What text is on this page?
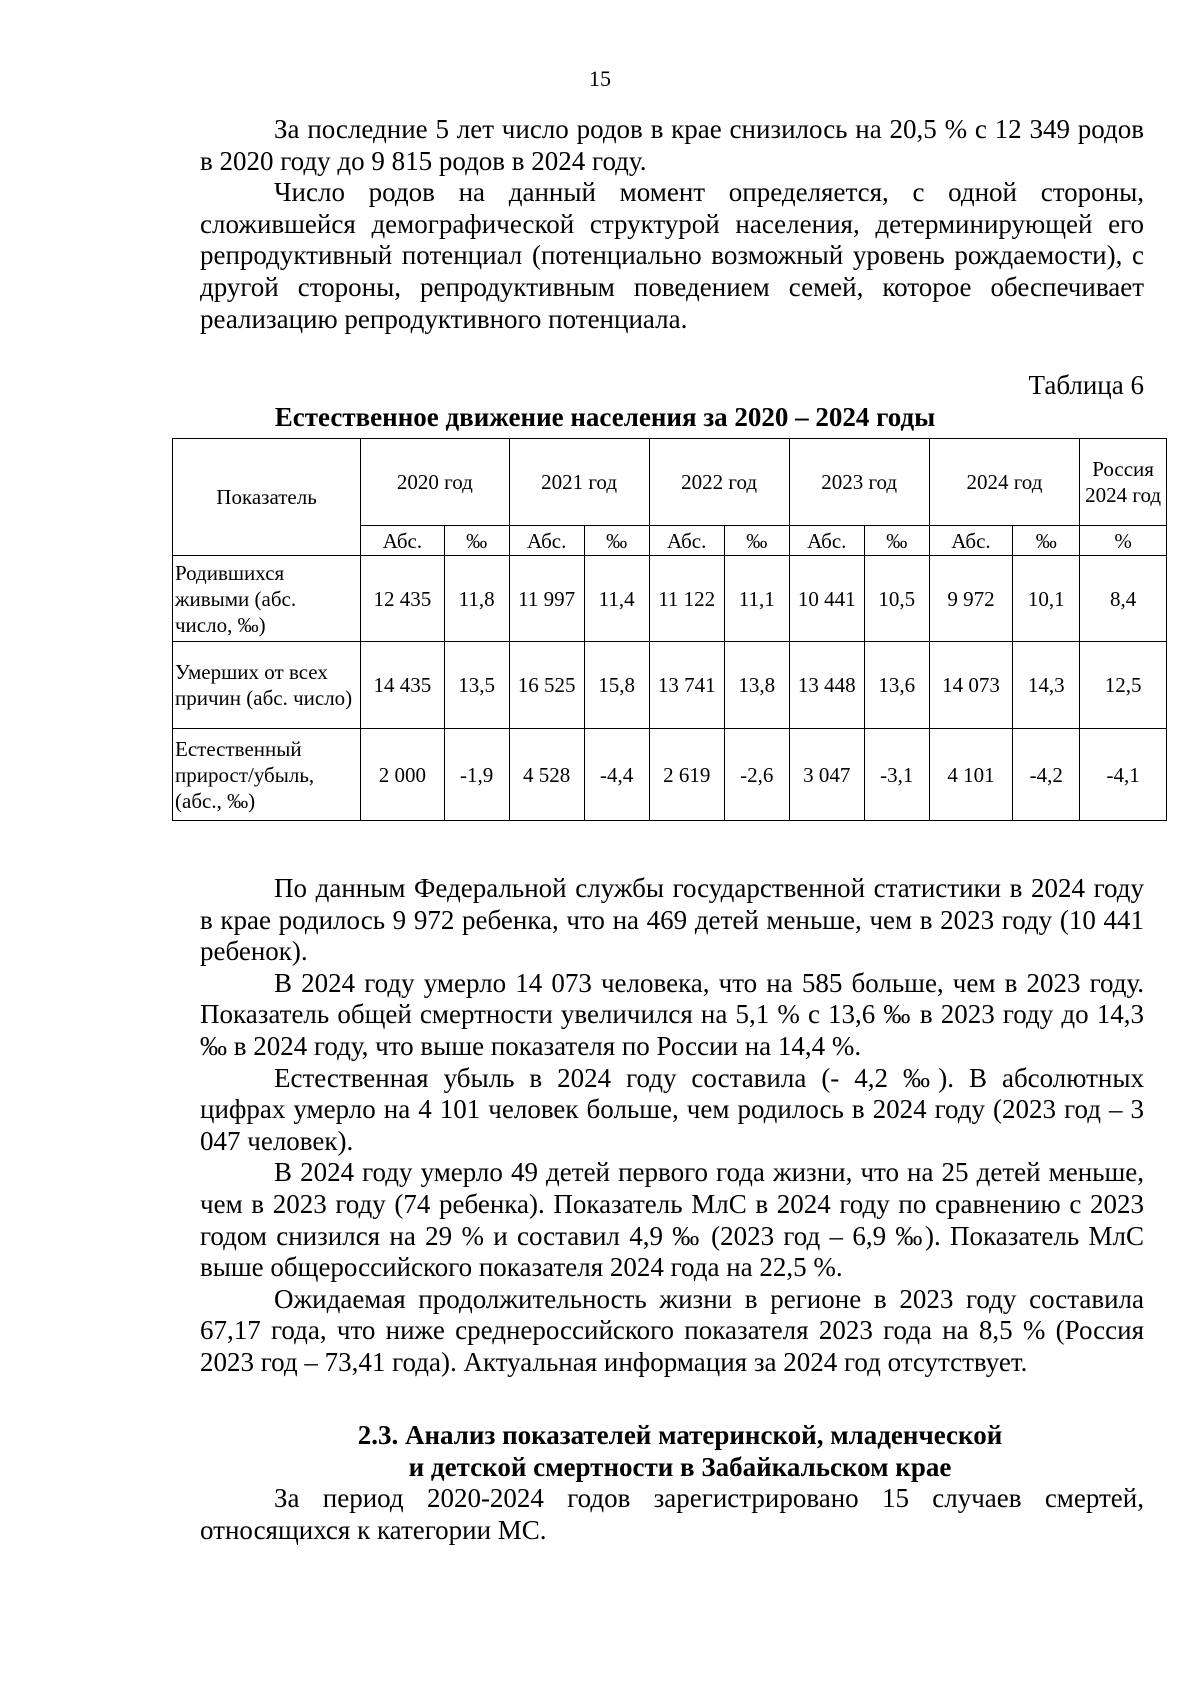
15

За последние 5 лет число родов в крае снизилось на 20,5 % с 12 349 родов в 2020 году до 9 815 родов в 2024 году.

Число родов на данный момент определяется, с одной стороны, сложившейся демографической структурой населения, детерминирующей его репродуктивный потенциал (потенциально возможный уровень рождаемости), с другой стороны, репродуктивным поведением семей, которое обеспечивает реализацию репродуктивного потенциала.

Таблица 6
Естественное движение населения за 2020 – 2024 годы
Показатель	2020 год		2021 год		2022 год		2023 год		2024 год		Россия 2024 год
	Абс.	‰	Абс.	‰	Абс.	‰	Абс.	‰	Абс.	‰	%
Родившихся живыми (абс. число, ‰)	12 435	11,8	11 997	11,4	11 122	11,1	10 441	10,5	9 972	10,1	8,4
Умерших от всех причин (абс. число)	14 435	13,5	16 525	15,8	13 741	13,8	13 448	13,6	14 073	14,3	12,5
Естественный прирост/убыль, (абс., ‰)	2 000	-1,9	4 528	-4,4	2 619	-2,6	3 047	-3,1	4 101	-4,2	-4,1

По данным Федеральной службы государственной статистики в 2024 году в крае родилось 9 972 ребенка, что на 469 детей меньше, чем в 2023 году (10 441 ребенок).

В 2024 году умерло 14 073 человека, что на 585 больше, чем в 2023 году. Показатель общей смертности увеличился на 5,1 % с 13,6 ‰ в 2023 году до 14,3 ‰ в 2024 году, что выше показателя по России на 14,4 %.

Естественная убыль в 2024 году составила (- 4,2 ‰). В абсолютных цифрах умерло на 4 101 человек больше, чем родилось в 2024 году (2023 год – 3 047 человек).

В 2024 году умерло 49 детей первого года жизни, что на 25 детей меньше, чем в 2023 году (74 ребенка). Показатель МлС в 2024 году по сравнению с 2023 годом снизился на 29 % и составил 4,9 ‰ (2023 год – 6,9 ‰). Показатель МлС выше общероссийского показателя 2024 года на 22,5 %.

Ожидаемая продолжительность жизни в регионе в 2023 году составила 67,17 года, что ниже среднероссийского показателя 2023 года на 8,5 % (Россия 2023 год – 73,41 года). Актуальная информация за 2024 год отсутствует.

2.3. Анализ показателей материнской, младенческой
и детской смертности в Забайкальском крае

За период 2020-2024 годов зарегистрировано 15 случаев смертей, относящихся к категории МС.
